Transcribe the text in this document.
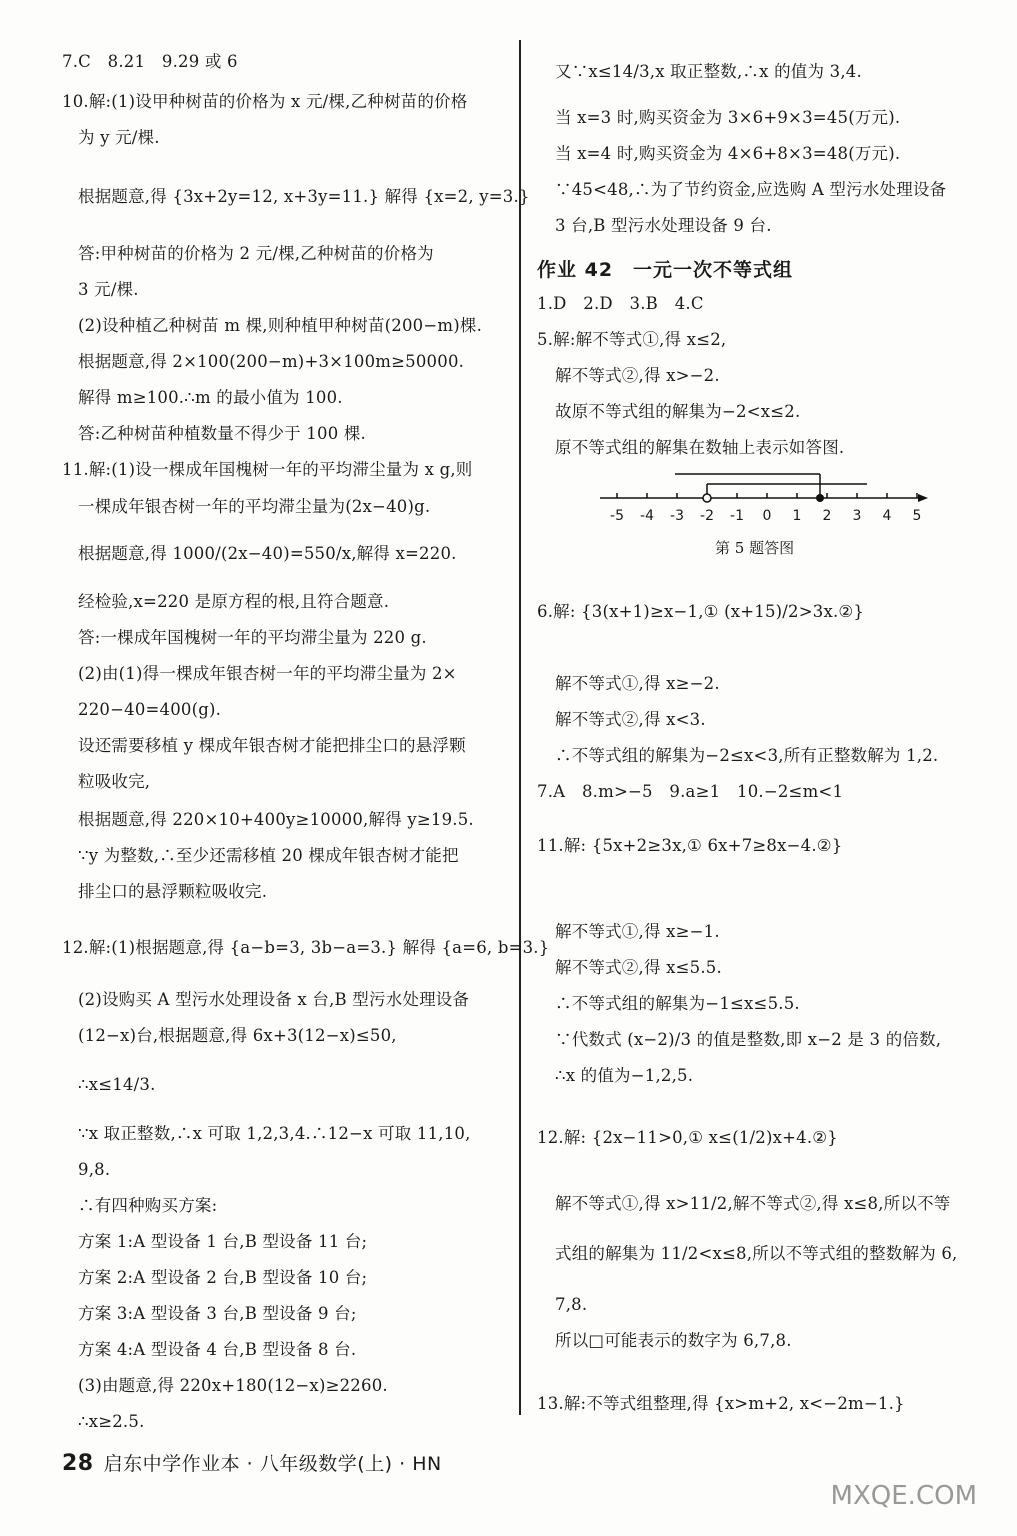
7.C　8.21　9.29 或 6
10.解:(1)设甲种树苗的价格为 x 元/棵,乙种树苗的价格
为 y 元/棵.
根据题意,得 {3x+2y=12, x+3y=11.} 解得 {x=2, y=3.}
答:甲种树苗的价格为 2 元/棵,乙种树苗的价格为
3 元/棵.
(2)设种植乙种树苗 m 棵,则种植甲种树苗(200−m)棵.
根据题意,得 2×100(200−m)+3×100m≥50000.
解得 m≥100.∴m 的最小值为 100.
答:乙种树苗种植数量不得少于 100 棵.
11.解:(1)设一棵成年国槐树一年的平均滞尘量为 x g,则
一棵成年银杏树一年的平均滞尘量为(2x−40)g.
根据题意,得 1000/(2x−40)=550/x,解得 x=220.
经检验,x=220 是原方程的根,且符合题意.
答:一棵成年国槐树一年的平均滞尘量为 220 g.
(2)由(1)得一棵成年银杏树一年的平均滞尘量为 2×
220−40=400(g).
设还需要移植 y 棵成年银杏树才能把排尘口的悬浮颗
粒吸收完,
根据题意,得 220×10+400y≥10000,解得 y≥19.5.
∵y 为整数,∴至少还需移植 20 棵成年银杏树才能把
排尘口的悬浮颗粒吸收完.
12.解:(1)根据题意,得 {a−b=3, 3b−a=3.} 解得 {a=6, b=3.}
(2)设购买 A 型污水处理设备 x 台,B 型污水处理设备
(12−x)台,根据题意,得 6x+3(12−x)≤50,
∴x≤14/3.
∵x 取正整数,∴x 可取 1,2,3,4.∴12−x 可取 11,10,
9,8.
∴有四种购买方案:
方案 1:A 型设备 1 台,B 型设备 11 台;
方案 2:A 型设备 2 台,B 型设备 10 台;
方案 3:A 型设备 3 台,B 型设备 9 台;
方案 4:A 型设备 4 台,B 型设备 8 台.
(3)由题意,得 220x+180(12−x)≥2260.
∴x≥2.5.
又∵x≤14/3,x 取正整数,∴x 的值为 3,4.
当 x=3 时,购买资金为 3×6+9×3=45(万元).
当 x=4 时,购买资金为 4×6+8×3=48(万元).
∵45<48,∴为了节约资金,应选购 A 型污水处理设备
3 台,B 型污水处理设备 9 台.
1.D　2.D　3.B　4.C
5.解:解不等式①,得 x≤2,
解不等式②,得 x>−2.
故原不等式组的解集为−2<x≤2.
原不等式组的解集在数轴上表示如答图.
6.解: {3(x+1)≥x−1,① (x+15)/2>3x.②}
解不等式①,得 x≥−2.
解不等式②,得 x<3.
∴不等式组的解集为−2≤x<3,所有正整数解为 1,2.
7.A　8.m>−5　9.a≥1　10.−2≤m<1
11.解: {5x+2≥3x,① 6x+7≥8x−4.②}
解不等式①,得 x≥−1.
解不等式②,得 x≤5.5.
∴不等式组的解集为−1≤x≤5.5.
∵代数式 (x−2)/3 的值是整数,即 x−2 是 3 的倍数,
∴x 的值为−1,2,5.
12.解: {2x−11>0,① x≤(1/2)x+4.②}
解不等式①,得 x>11/2,解不等式②,得 x≤8,所以不等
式组的解集为 11/2<x≤8,所以不等式组的整数解为 6,
7,8.
所以□可能表示的数字为 6,7,8.
13.解:不等式组整理,得 {x>m+2, x<−2m−1.}
作业 42　一元一次不等式组
-5 -4 -3 -2 -1 0 1 2 3 4 5
第 5 题答图
28 启东中学作业本 · 八年级数学(上) · HN
MXQE.COM
